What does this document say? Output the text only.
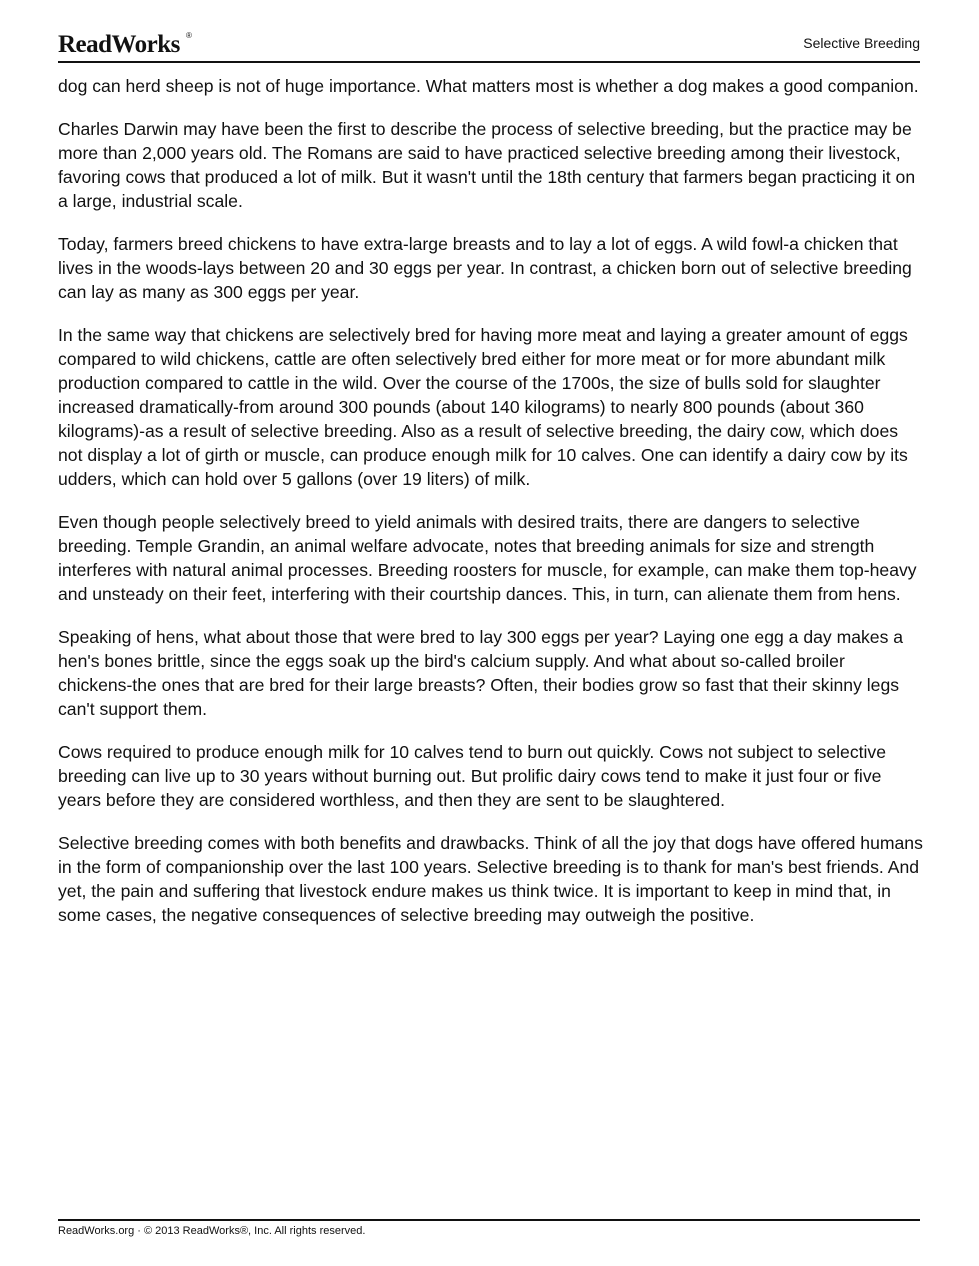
ReadWorks ®	Selective Breeding

dog can herd sheep is not of huge importance. What matters most is whether a dog makes a good companion.

Charles Darwin may have been the first to describe the process of selective breeding, but the practice may be more than 2,000 years old. The Romans are said to have practiced selective breeding among their livestock, favoring cows that produced a lot of milk. But it wasn't until the 18th century that farmers began practicing it on a large, industrial scale.

Today, farmers breed chickens to have extra-large breasts and to lay a lot of eggs. A wild fowl-a chicken that lives in the woods-lays between 20 and 30 eggs per year. In contrast, a chicken born out of selective breeding can lay as many as 300 eggs per year.

In the same way that chickens are selectively bred for having more meat and laying a greater amount of eggs compared to wild chickens, cattle are often selectively bred either for more meat or for more abundant milk production compared to cattle in the wild. Over the course of the 1700s, the size of bulls sold for slaughter increased dramatically-from around 300 pounds (about 140 kilograms) to nearly 800 pounds (about 360 kilograms)-as a result of selective breeding. Also as a result of selective breeding, the dairy cow, which does not display a lot of girth or muscle, can produce enough milk for 10 calves. One can identify a dairy cow by its udders, which can hold over 5 gallons (over 19 liters) of milk.

Even though people selectively breed to yield animals with desired traits, there are dangers to selective breeding. Temple Grandin, an animal welfare advocate, notes that breeding animals for size and strength interferes with natural animal processes. Breeding roosters for muscle, for example, can make them top-heavy and unsteady on their feet, interfering with their courtship dances. This, in turn, can alienate them from hens.

Speaking of hens, what about those that were bred to lay 300 eggs per year? Laying one egg a day makes a hen's bones brittle, since the eggs soak up the bird's calcium supply. And what about so-called broiler chickens-the ones that are bred for their large breasts? Often, their bodies grow so fast that their skinny legs can't support them.

Cows required to produce enough milk for 10 calves tend to burn out quickly. Cows not subject to selective breeding can live up to 30 years without burning out. But prolific dairy cows tend to make it just four or five years before they are considered worthless, and then they are sent to be slaughtered.

Selective breeding comes with both benefits and drawbacks. Think of all the joy that dogs have offered humans in the form of companionship over the last 100 years. Selective breeding is to thank for man's best friends. And yet, the pain and suffering that livestock endure makes us think twice. It is important to keep in mind that, in some cases, the negative consequences of selective breeding may outweigh the positive.

ReadWorks.org · © 2013 ReadWorks®, Inc. All rights reserved.
